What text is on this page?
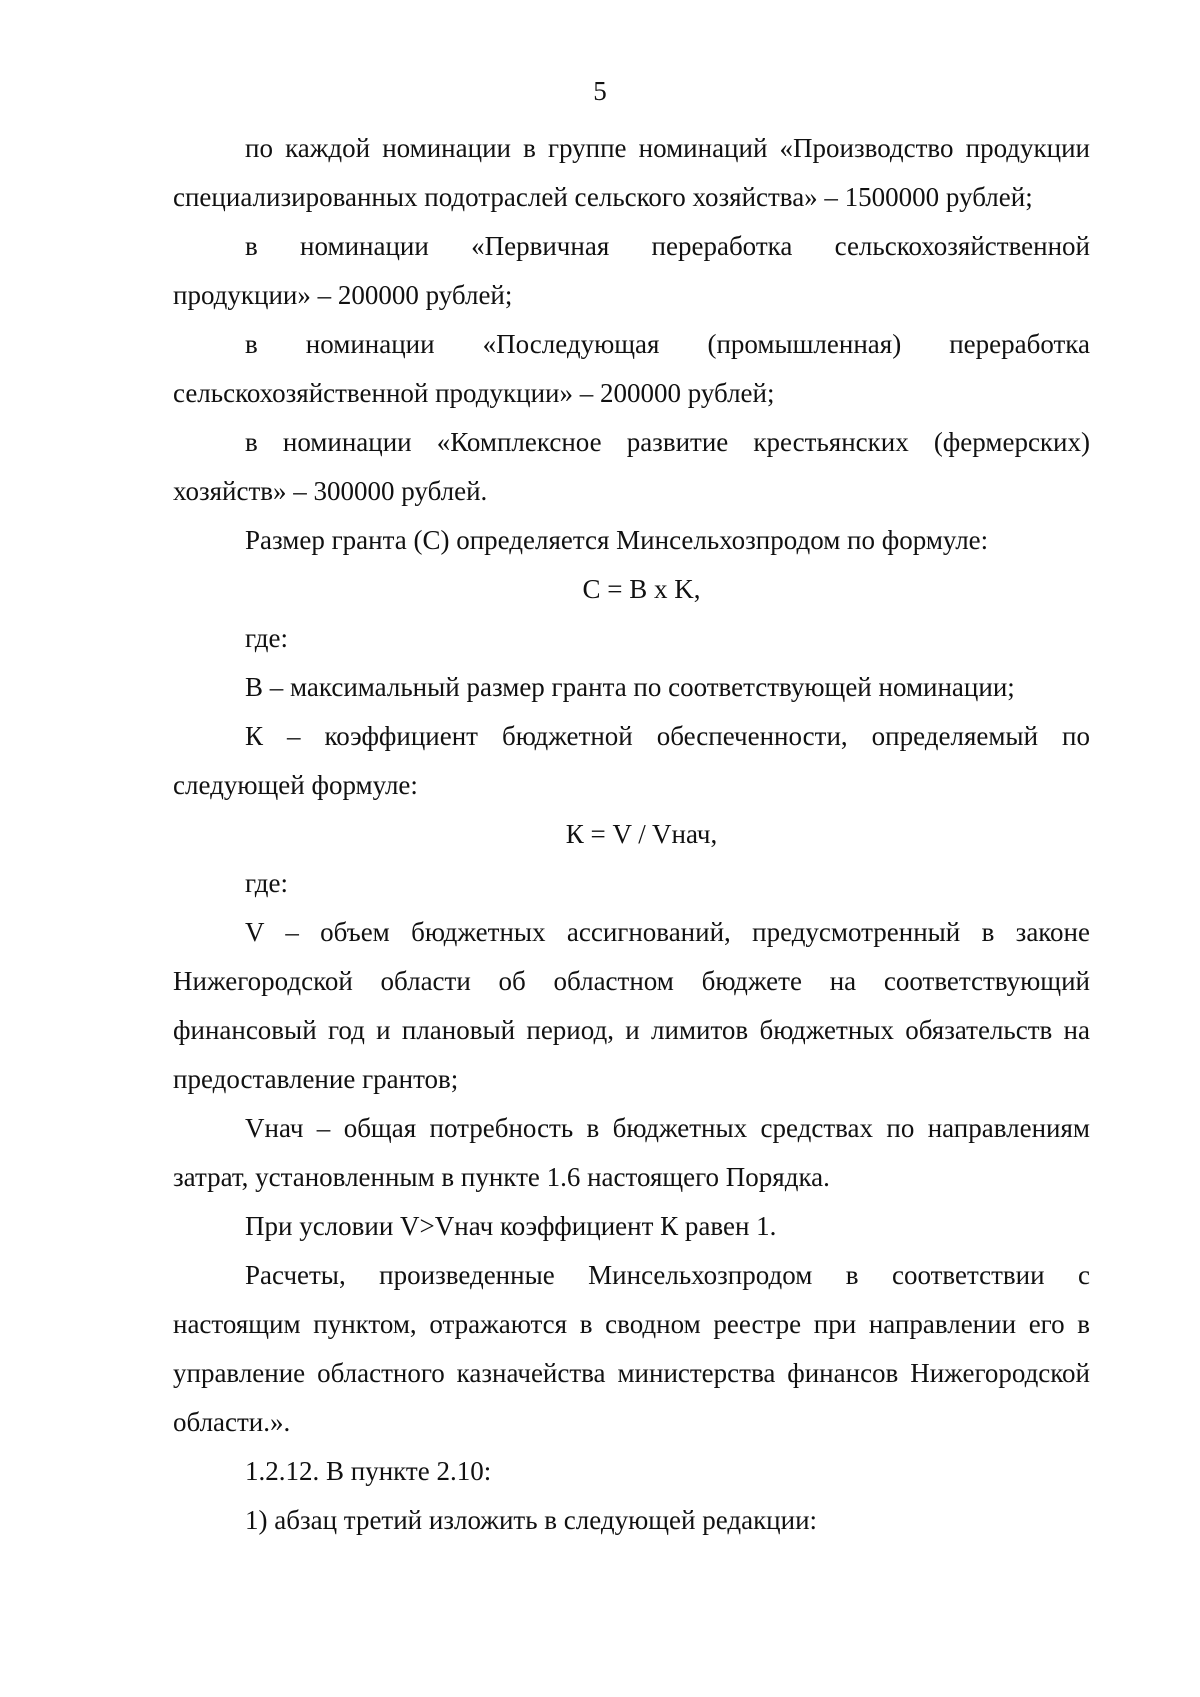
5

по каждой номинации в группе номинаций «Производство продукции специализированных подотраслей сельского хозяйства» – 1500000 рублей;

в номинации «Первичная переработка сельскохозяйственной продукции» – 200000 рублей;

в номинации «Последующая (промышленная) переработка сельскохозяйственной продукции» – 200000 рублей;

в номинации «Комплексное развитие крестьянских (фермерских) хозяйств» – 300000 рублей.

Размер гранта (С) определяется Минсельхозпродом по формуле:

C = B x K,

где:

В – максимальный размер гранта по соответствующей номинации;

К – коэффициент бюджетной обеспеченности, определяемый по следующей формуле:

К = V / Vнач,

где:

V – объем бюджетных ассигнований, предусмотренный в законе Нижегородской области об областном бюджете на соответствующий финансовый год и плановый период, и лимитов бюджетных обязательств на предоставление грантов;

Vнач – общая потребность в бюджетных средствах по направлениям затрат, установленным в пункте 1.6 настоящего Порядка.

При условии V>Vнач коэффициент К равен 1.

Расчеты, произведенные Минсельхозпродом в соответствии с настоящим пунктом, отражаются в сводном реестре при направлении его в управление областного казначейства министерства финансов Нижегородской области.».

1.2.12. В пункте 2.10:

1) абзац третий изложить в следующей редакции:
